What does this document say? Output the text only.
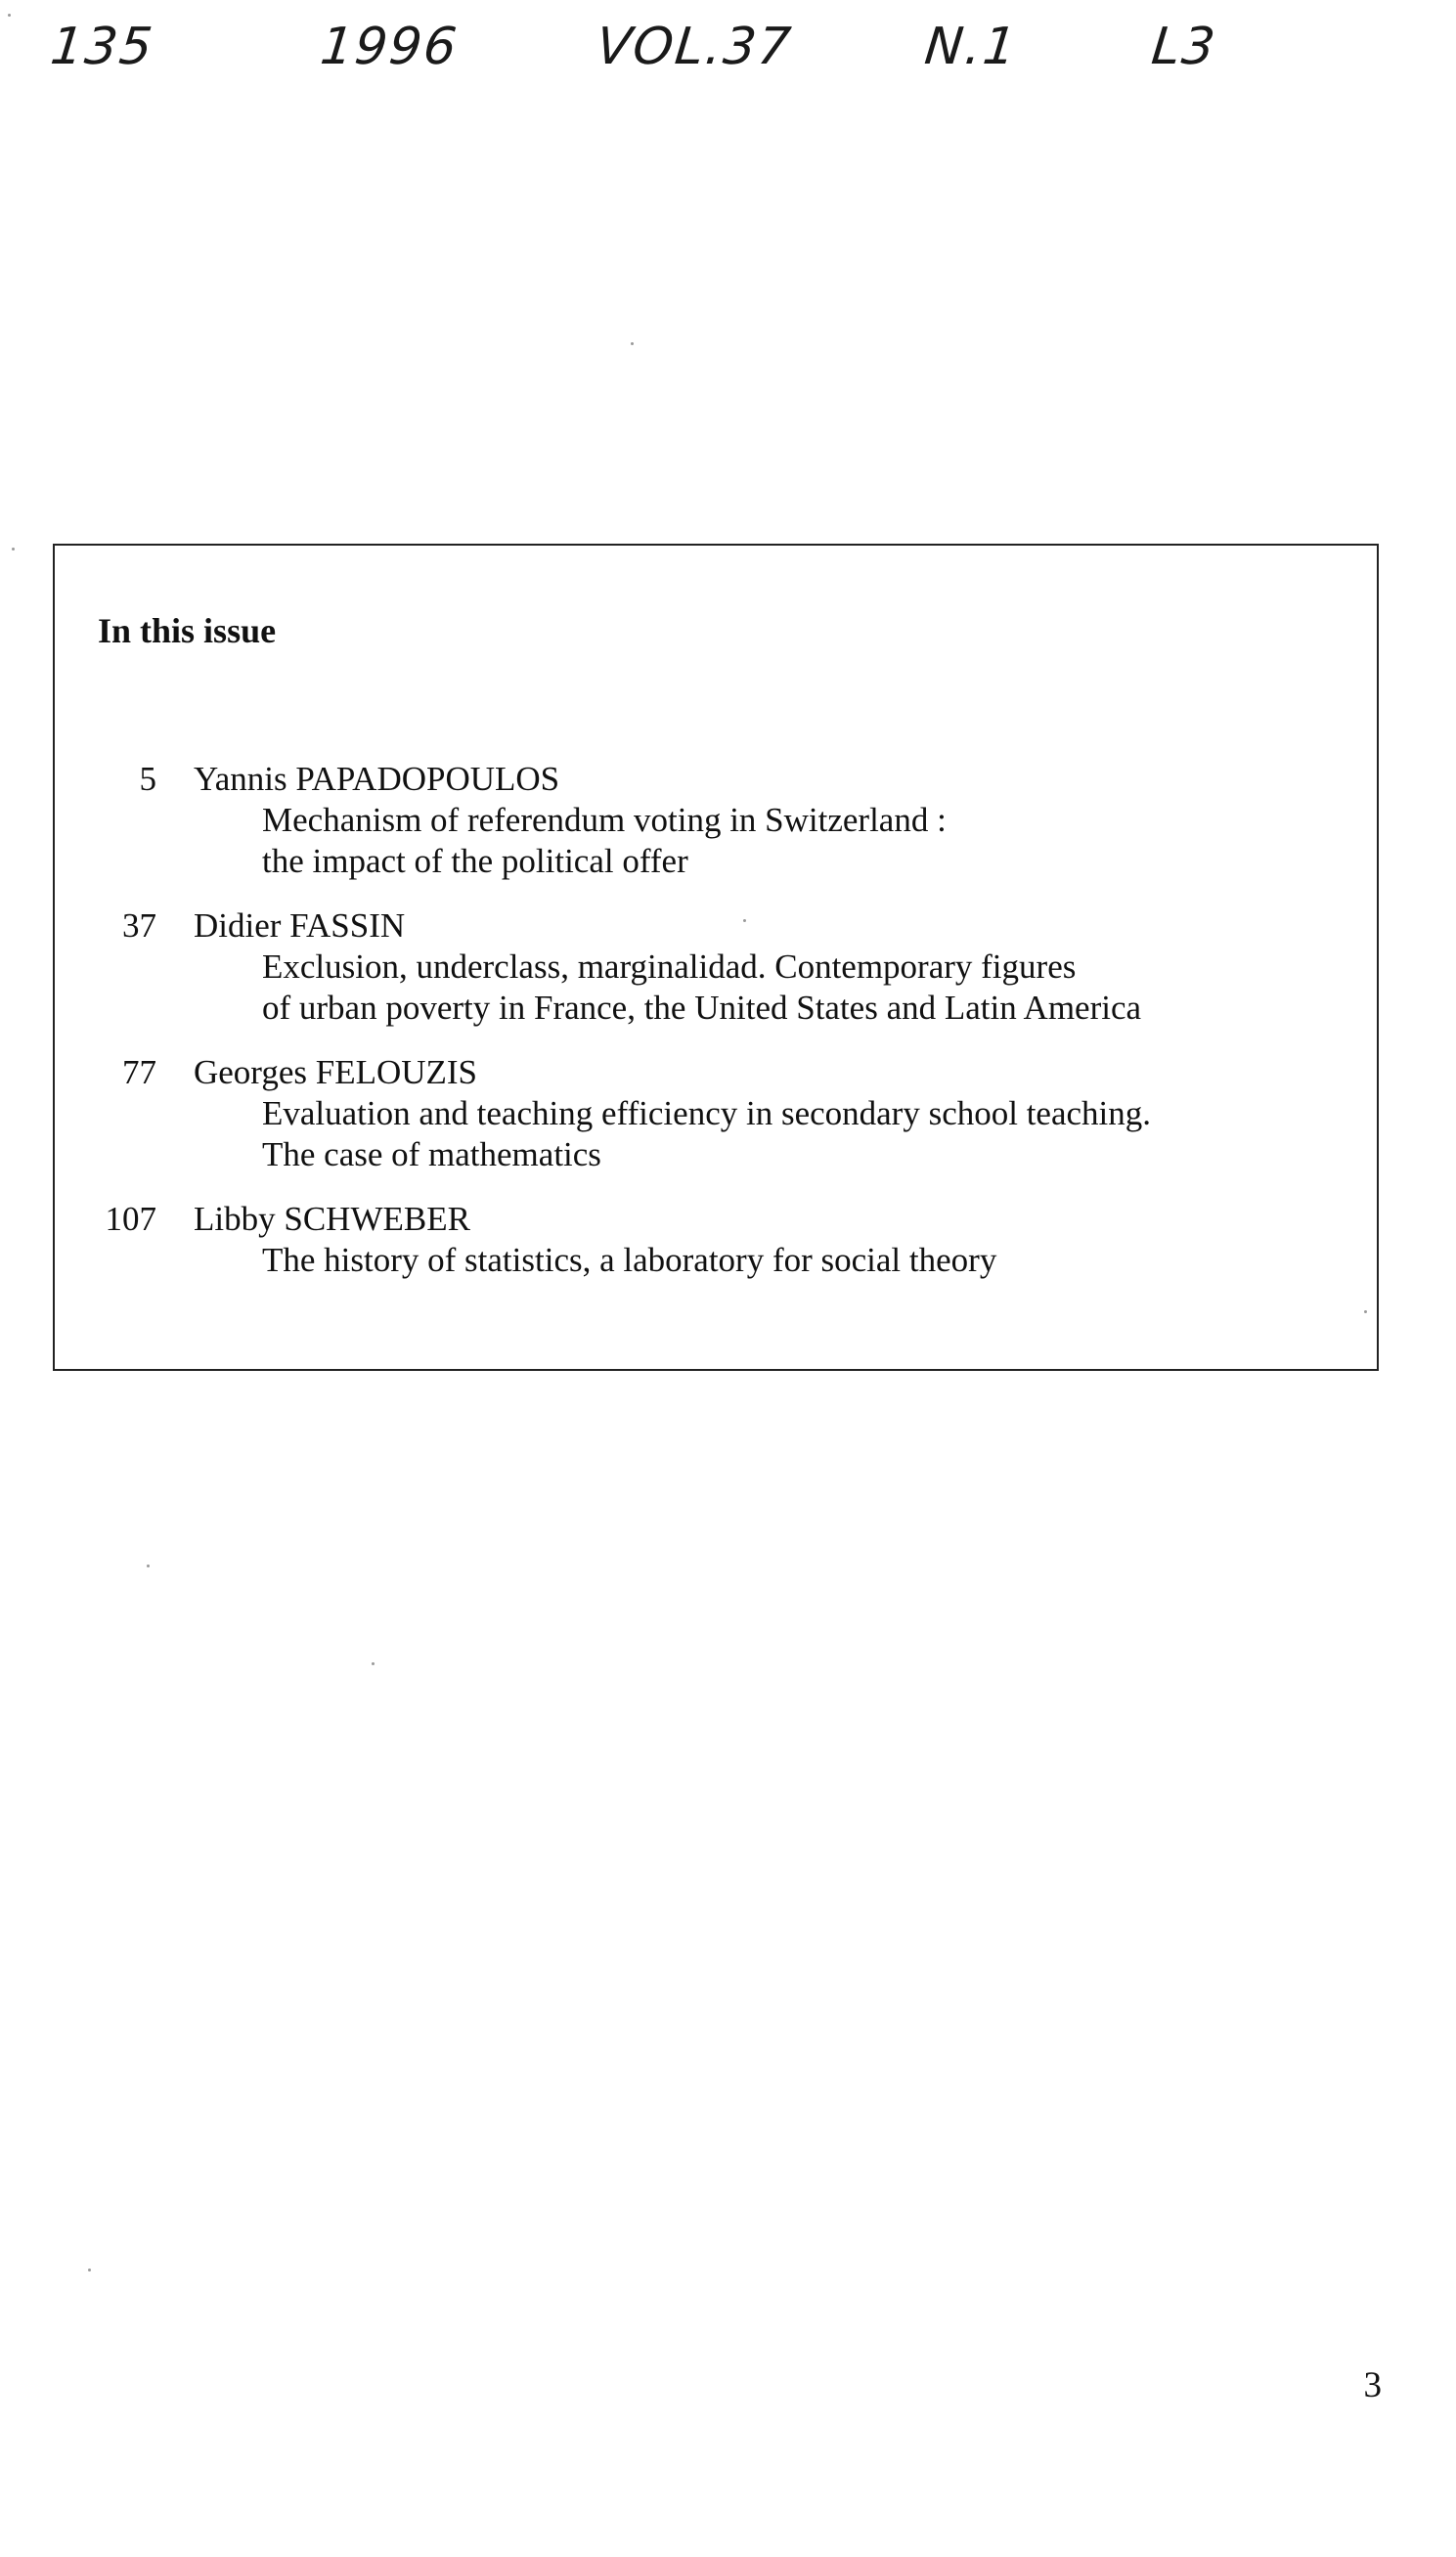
135	1996	VOL.37 N.1	L3
In this issue
5 Yannis PAPADOPOULOS
Mechanism of referendum voting in Switzerland :
the impact of the political offer
37 Didier FASSIN
Exclusion, underclass, marginalidad. Contemporary figures
of urban poverty in France, the United States and Latin America
77 Georges FELOUZIS
Evaluation and teaching efficiency in secondary school teaching.
The case of mathematics
107 Libby SCHWEBER
The history of statistics, a laboratory for social theory
3
